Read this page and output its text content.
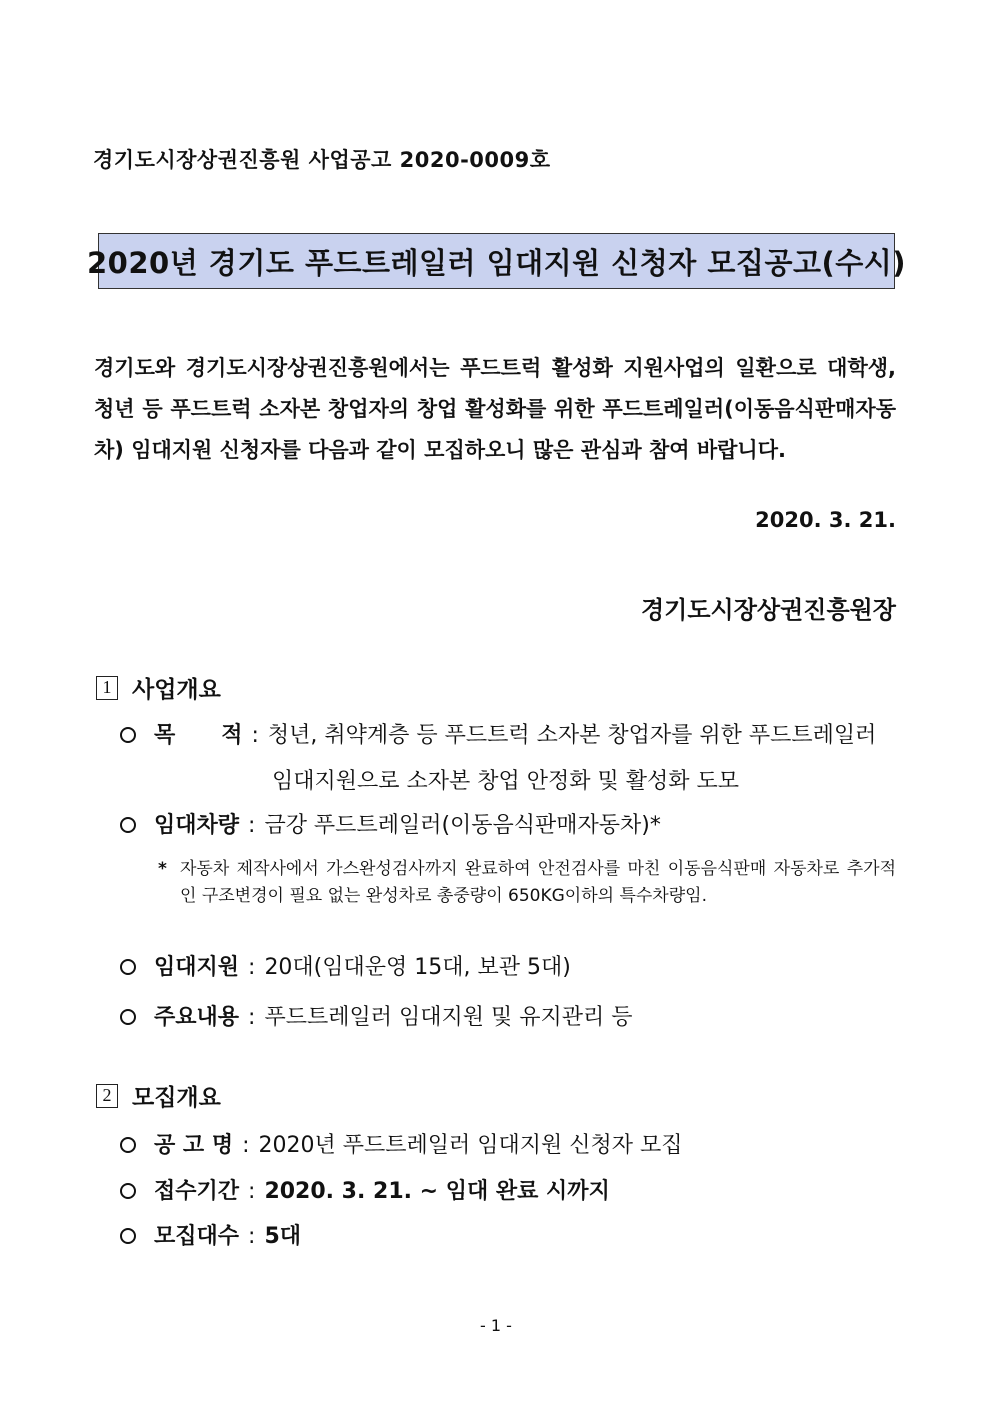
경기도시장상권진흥원 사업공고 2020-0009호
2020년 경기도 푸드트레일러 임대지원 신청자 모집공고(수시)
경기도와 경기도시장상권진흥원에서는 푸드트럭 활성화 지원사업의 일환으로 대학생, 청년 등 푸드트럭 소자본 창업자의 창업 활성화를 위한 푸드트레일러(이동음식판매자동차) 임대지원 신청자를 다음과 같이 모집하오니 많은 관심과 참여 바랍니다.
2020. 3. 21.
경기도시장상권진흥원장
1 사업개요
목      적 : 청년, 취약계층 등 푸드트럭 소자본 창업자를 위한 푸드트레일러
임대지원으로 소자본 창업 안정화 및 활성화 도모
임대차량 : 금강 푸드트레일러(이동음식판매자동차)*
* 자동차 제작사에서 가스완성검사까지 완료하여 안전검사를 마친 이동음식판매 자동차로 추가적인 구조변경이 필요 없는 완성차로 총중량이 650KG이하의 특수차량임.
임대지원 : 20대(임대운영 15대, 보관 5대)
주요내용 : 푸드트레일러 임대지원 및 유지관리 등
2 모집개요
공 고 명 : 2020년 푸드트레일러 임대지원 신청자 모집
접수기간 : 2020. 3. 21. ~ 임대 완료 시까지
모집대수 : 5대
- 1 -
